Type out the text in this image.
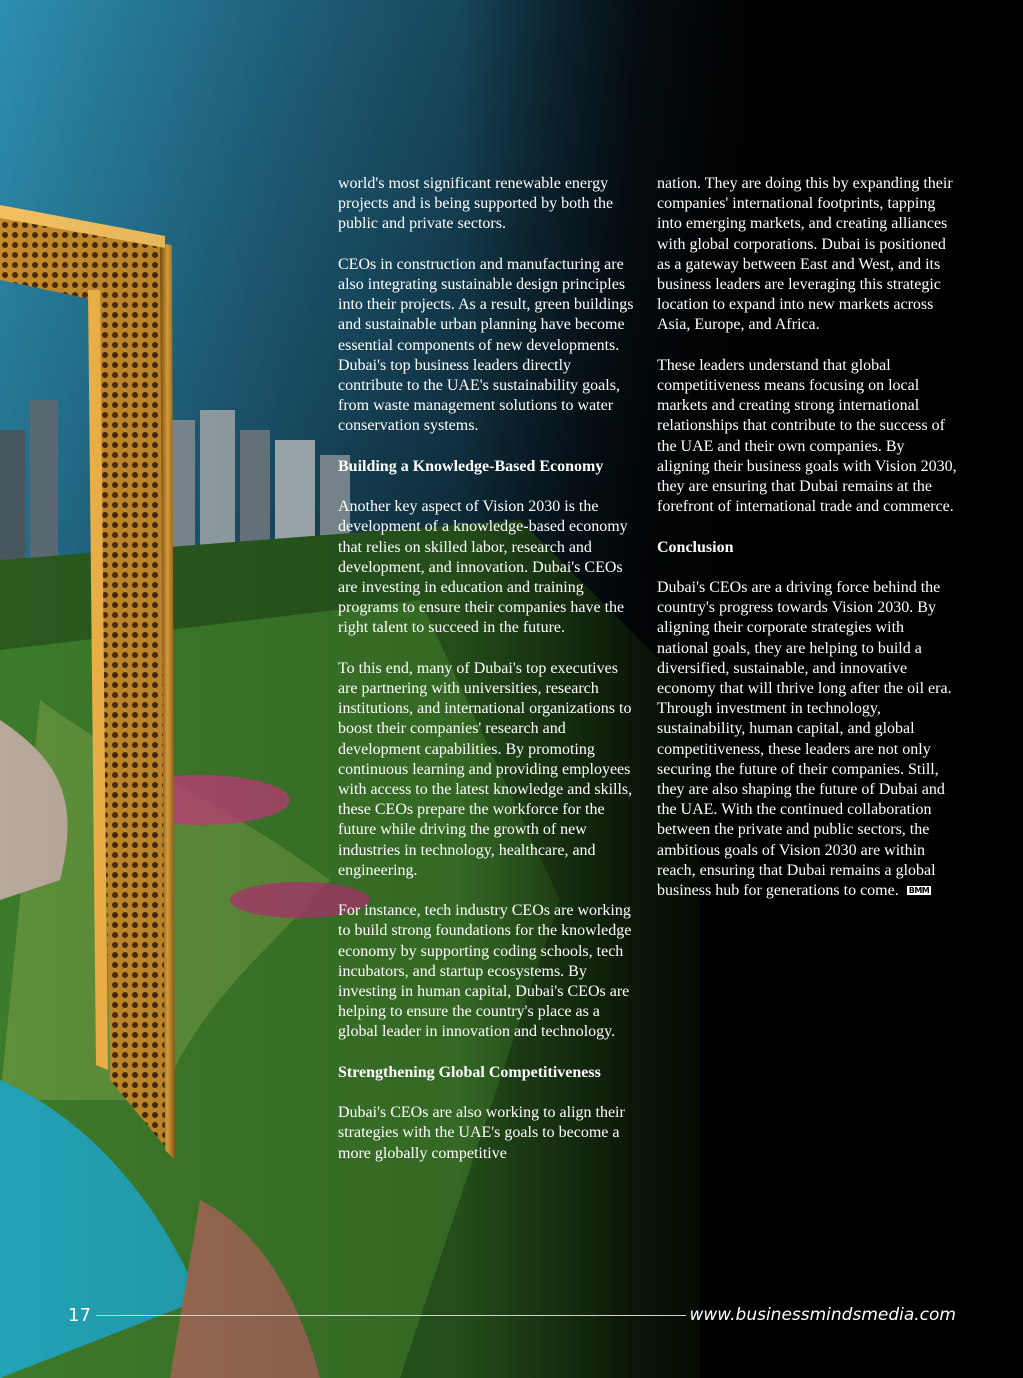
world's most significant renewable energy projects and is being supported by both the public and private sectors.

CEOs in construction and manufacturing are also integrating sustainable design principles into their projects. As a result, green buildings and sustainable urban planning have become essential components of new developments. Dubai's top business leaders directly contribute to the UAE's sustainability goals, from waste management solutions to water conservation systems.

Building a Knowledge-Based Economy

Another key aspect of Vision 2030 is the development of a knowledge-based economy that relies on skilled labor, research and development, and innovation. Dubai's CEOs are investing in education and training programs to ensure their companies have the right talent to succeed in the future.

To this end, many of Dubai's top executives are partnering with universities, research institutions, and international organizations to boost their companies' research and development capabilities. By promoting continuous learning and providing employees with access to the latest knowledge and skills, these CEOs prepare the workforce for the future while driving the growth of new industries in technology, healthcare, and engineering.

For instance, tech industry CEOs are working to build strong foundations for the knowledge economy by supporting coding schools, tech incubators, and startup ecosystems. By investing in human capital, Dubai's CEOs are helping to ensure the country's place as a global leader in innovation and technology.

Strengthening Global Competitiveness

Dubai's CEOs are also working to align their strategies with the UAE's goals to become a more globally competitive

nation. They are doing this by expanding their companies' international footprints, tapping into emerging markets, and creating alliances with global corporations. Dubai is positioned as a gateway between East and West, and its business leaders are leveraging this strategic location to expand into new markets across Asia, Europe, and Africa.

These leaders understand that global competitiveness means focusing on local markets and creating strong international relationships that contribute to the success of the UAE and their own companies. By aligning their business goals with Vision 2030, they are ensuring that Dubai remains at the forefront of international trade and commerce.

Conclusion

Dubai's CEOs are a driving force behind the country's progress towards Vision 2030. By aligning their corporate strategies with national goals, they are helping to build a diversified, sustainable, and innovative economy that will thrive long after the oil era. Through investment in technology, sustainability, human capital, and global competitiveness, these leaders are not only securing the future of their companies. Still, they are also shaping the future of Dubai and the UAE. With the continued collaboration between the private and public sectors, the ambitious goals of Vision 2030 are within reach, ensuring that Dubai remains a global business hub for generations to come. BMM

17	www.businessmindsmedia.com
